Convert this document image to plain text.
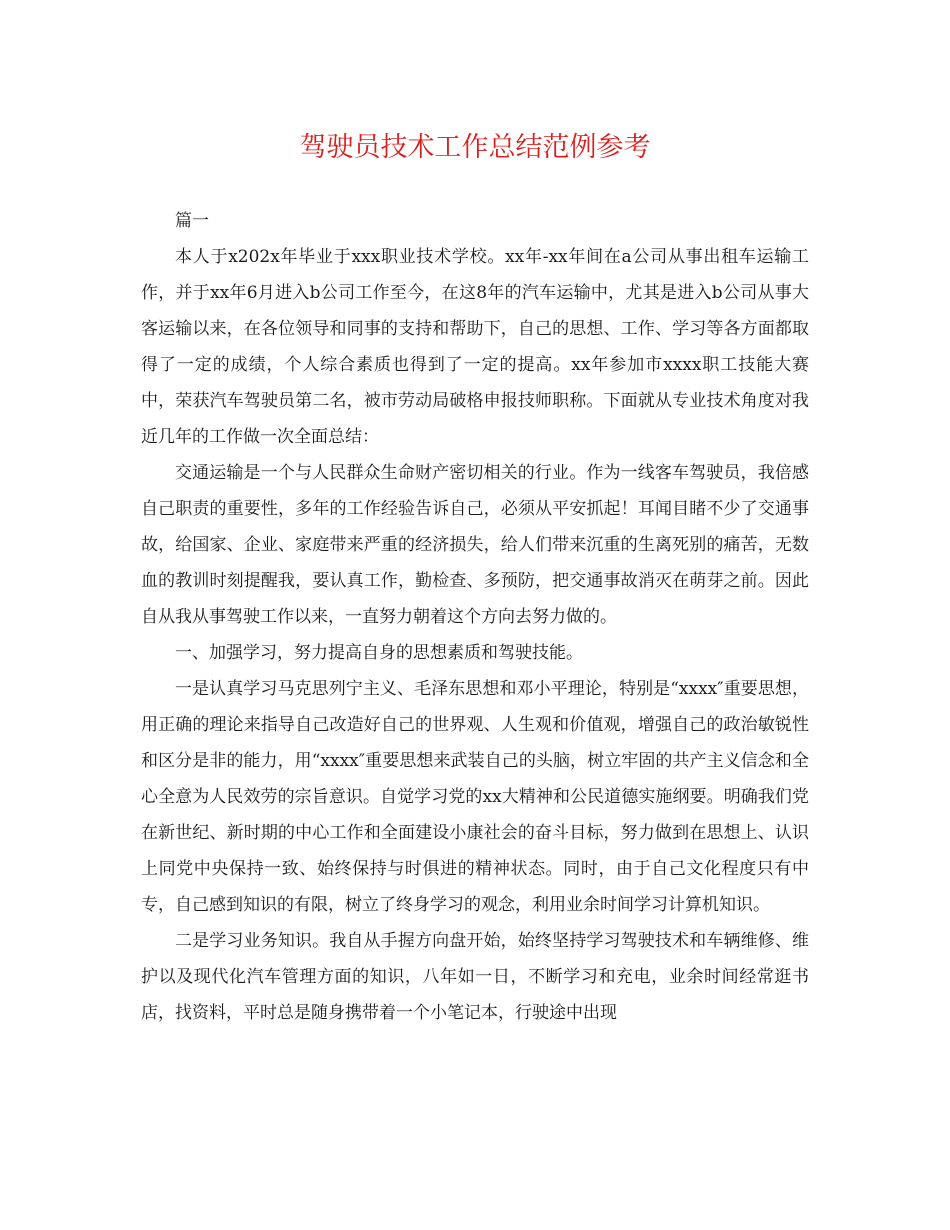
驾驶员技术工作总结范例参考

篇一

本人于x202x年毕业于xxx职业技术学校。xx年-xx年间在a公司从事出租车运输工作，并于xx年6月进入b公司工作至今，在这8年的汽车运输中，尤其是进入b公司从事大客运输以来，在各位领导和同事的支持和帮助下，自己的思想、工作、学习等各方面都取得了一定的成绩，个人综合素质也得到了一定的提高。xx年参加市xxxx职工技能大赛中，荣获汽车驾驶员第二名，被市劳动局破格申报技师职称。下面就从专业技术角度对我近几年的工作做一次全面总结：

交通运输是一个与人民群众生命财产密切相关的行业。作为一线客车驾驶员，我倍感自己职责的重要性，多年的工作经验告诉自己，必须从平安抓起！耳闻目睹不少了交通事故，给国家、企业、家庭带来严重的经济损失，给人们带来沉重的生离死别的痛苦，无数血的教训时刻提醒我，要认真工作，勤检查、多预防，把交通事故消灭在萌芽之前。因此自从我从事驾驶工作以来，一直努力朝着这个方向去努力做的。

一、加强学习，努力提高自身的思想素质和驾驶技能。

一是认真学习马克思列宁主义、毛泽东思想和邓小平理论，特别是“xxxx″重要思想，用正确的理论来指导自己改造好自己的世界观、人生观和价值观，增强自己的政治敏锐性和区分是非的能力，用“xxxx″重要思想来武装自己的头脑，树立牢固的共产主义信念和全心全意为人民效劳的宗旨意识。自觉学习党的xx大精神和公民道德实施纲要。明确我们党在新世纪、新时期的中心工作和全面建设小康社会的奋斗目标，努力做到在思想上、认识上同党中央保持一致、始终保持与时俱进的精神状态。同时，由于自己文化程度只有中专，自己感到知识的有限，树立了终身学习的观念，利用业余时间学习计算机知识。

二是学习业务知识。我自从手握方向盘开始，始终坚持学习驾驶技术和车辆维修、维护以及现代化汽车管理方面的知识，八年如一日，不断学习和充电，业余时间经常逛书店，找资料，平时总是随身携带着一个小笔记本，行驶途中出现
